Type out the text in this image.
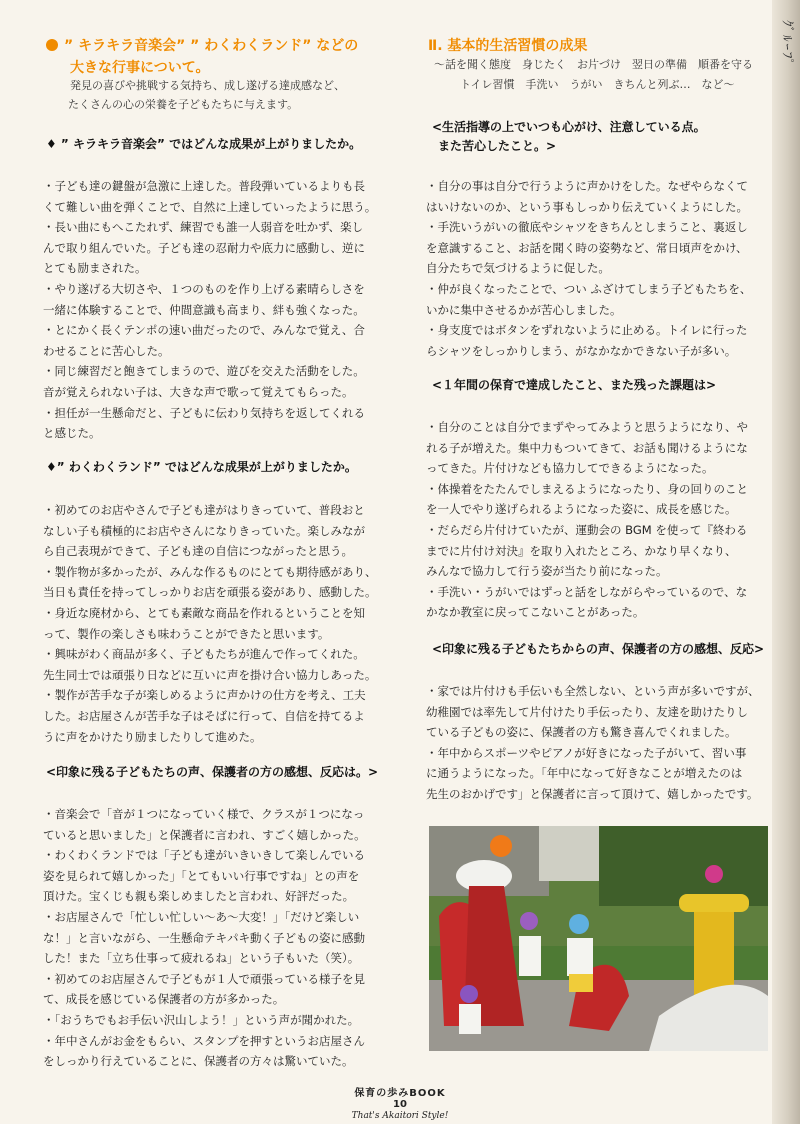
ｸﾞﾙｰﾌﾟ
” キラキラ音楽会” ” わくわくランド” などの
大きな行事について。

発見の喜びや挑戦する気持ち、成し遂げる達成感など、

たくさんの心の栄養を子どもたちに与えます。

♦ ” キラキラ音楽会” ではどんな成果が上がりましたか。

・子ども達の鍵盤が急激に上達した。普段弾いているよりも長
くて難しい曲を弾くことで、自然に上達していったように思う。
・長い曲にもへこたれず、練習でも誰一人弱音を吐かず、楽し
んで取り組んでいた。子ども達の忍耐力や底力に感動し、逆に
とても励まされた。
・やり遂げる大切さや、１つのものを作り上げる素晴らしさを
一緒に体験することで、仲間意識も高まり、絆も強くなった。
・とにかく長くテンポの速い曲だったので、みんなで覚え、合
わせることに苦心した。
・同じ練習だと飽きてしまうので、遊びを交えた活動をした。
音が覚えられない子は、大きな声で歌って覚えてもらった。
・担任が一生懸命だと、子どもに伝わり気持ちを返してくれる
と感じた。

♦” わくわくランド” ではどんな成果が上がりましたか。

・初めてのお店やさんで子ども達がはりきっていて、普段おと
なしい子も積極的にお店やさんになりきっていた。楽しみなが
ら自己表現ができて、子ども達の自信につながったと思う。
・製作物が多かったが、みんな作るものにとても期待感があり、
当日も責任を持ってしっかりお店を頑張る姿があり、感動した。
・身近な廃材から、とても素敵な商品を作れるということを知
って、製作の楽しさも味わうことができたと思います。
・興味がわく商品が多く、子どもたちが進んで作ってくれた。
先生同士では頑張り日などに互いに声を掛け合い協力しあった。
・製作が苦手な子が楽しめるように声かけの仕方を考え、工夫
した。お店屋さんが苦手な子はそばに行って、自信を持てるよ
うに声をかけたり励ましたりして進めた。

<印象に残る子どもたちの声、保護者の方の感想、反応は。>

・音楽会で「音が１つになっていく様で、クラスが１つになっ
ていると思いました」と保護者に言われ、すごく嬉しかった。
・わくわくランドでは「子ども達がいきいきして楽しんでいる
姿を見られて嬉しかった」「とてもいい行事ですね」との声を
頂けた。宝くじも親も楽しめましたと言われ、好評だった。
・お店屋さんで「忙しい忙しい〜あ〜大変！」「だけど楽しい
な！」と言いながら、一生懸命テキパキ動く子どもの姿に感動
した！また「立ち仕事って疲れるね」という子もいた（笑）。
・初めてのお店屋さんで子どもが１人で頑張っている様子を見
て、成長を感じている保護者の方が多かった。
・「おうちでもお手伝い沢山しよう！」という声が聞かれた。
・年中さんがお金をもらい、スタンプを押すというお店屋さん
をしっかり行えていることに、保護者の方々は驚いていた。
Ⅱ. 基本的生活習慣の成果

〜話を聞く態度　身じたく　お片づけ　翌日の準備　順番を守る

トイレ習慣　手洗い　うがい　きちんと列ぶ…　など〜

<生活指導の上でいつも心がけ、注意している点。

また苦心したこと。>

・自分の事は自分で行うように声かけをした。なぜやらなくて
はいけないのか、という事もしっかり伝えていくようにした。
・手洗いうがいの徹底やシャツをきちんとしまうこと、裏返し
を意識すること、お話を聞く時の姿勢など、常日頃声をかけ、
自分たちで気づけるように促した。
・仲が良くなったことで、つい ふざけてしまう子どもたちを、
いかに集中させるかが苦心しました。
・身支度ではボタンをずれないように止める。トイレに行った
らシャツをしっかりしまう、がなかなかできない子が多い。

<１年間の保育で達成したこと、また残った課題は>

・自分のことは自分でまずやってみようと思うようになり、や
れる子が増えた。集中力もついてきて、お話も聞けるようにな
ってきた。片付けなども協力してできるようになった。
・体操着をたたんでしまえるようになったり、身の回りのこと
を一人でやり遂げられるようになった姿に、成長を感じた。
・だらだら片付けていたが、運動会の BGM を使って『終わる
までに片付け対決』を取り入れたところ、かなり早くなり、
みんなで協力して行う姿が当たり前になった。
・手洗い・うがいではずっと話をしながらやっているので、な
かなか教室に戻ってこないことがあった。

<印象に残る子どもたちからの声、保護者の方の感想、反応>

・家では片付けも手伝いも全然しない、という声が多いですが、
幼稚園では率先して片付けたり手伝ったり、友達を助けたりし
ている子どもの姿に、保護者の方も驚き喜んでくれました。
・年中からスポーツやピアノが好きになった子がいて、習い事
に通うようになった。「年中になって好きなことが増えたのは
先生のおかげです」と保護者に言って頂けて、嬉しかったです。
保育の歩みBOOK
10
That's Akaitori Style!
